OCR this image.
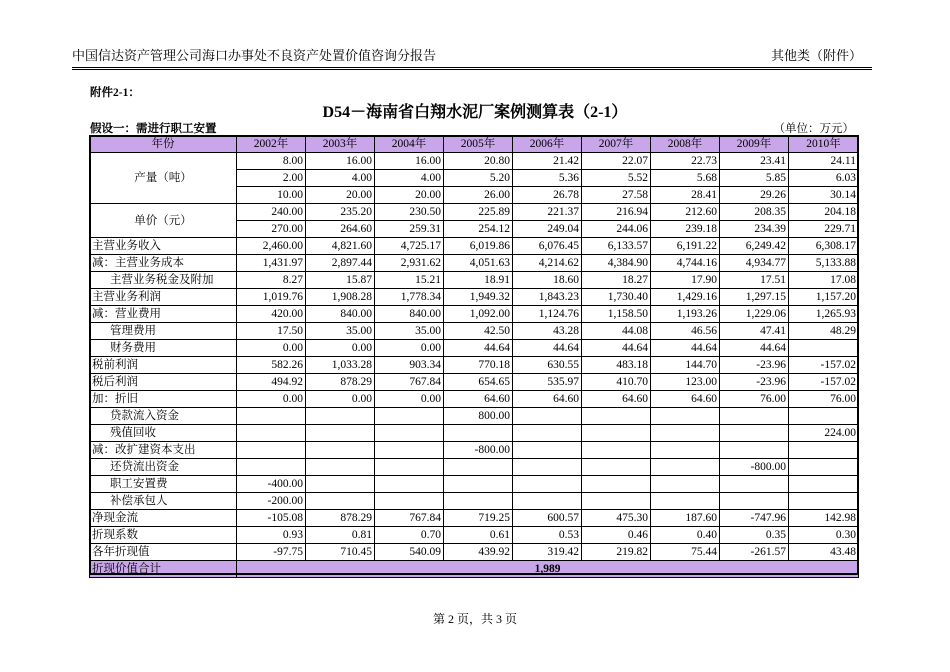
中国信达资产管理公司海口办事处不良资产处置价值咨询分报告	其他类（附件）
附件2-1：
D54－海南省白翔水泥厂案例测算表（2-1）
假设一：需进行职工安置	（单位：万元）
年份	2002年	2003年	2004年	2005年	2006年	2007年	2008年	2009年	2010年
产量（吨）	8.00	16.00	16.00	20.80	21.42	22.07	22.73	23.41	24.11
	2.00	4.00	4.00	5.20	5.36	5.52	5.68	5.85	6.03
	10.00	20.00	20.00	26.00	26.78	27.58	28.41	29.26	30.14
单价（元）	240.00	235.20	230.50	225.89	221.37	216.94	212.60	208.35	204.18
	270.00	264.60	259.31	254.12	249.04	244.06	239.18	234.39	229.71
主营业务收入	2,460.00	4,821.60	4,725.17	6,019.86	6,076.45	6,133.57	6,191.22	6,249.42	6,308.17
减：主营业务成本	1,431.97	2,897.44	2,931.62	4,051.63	4,214.62	4,384.90	4,744.16	4,934.77	5,133.88
主营业务税金及附加	8.27	15.87	15.21	18.91	18.60	18.27	17.90	17.51	17.08
主营业务利润	1,019.76	1,908.28	1,778.34	1,949.32	1,843.23	1,730.40	1,429.16	1,297.15	1,157.20
减：营业费用	420.00	840.00	840.00	1,092.00	1,124.76	1,158.50	1,193.26	1,229.06	1,265.93
管理费用	17.50	35.00	35.00	42.50	43.28	44.08	46.56	47.41	48.29
财务费用	0.00	0.00	0.00	44.64	44.64	44.64	44.64	44.64	
税前利润	582.26	1,033.28	903.34	770.18	630.55	483.18	144.70	-23.96	-157.02
税后利润	494.92	878.29	767.84	654.65	535.97	410.70	123.00	-23.96	-157.02
加：折旧	0.00	0.00	0.00	64.60	64.60	64.60	64.60	76.00	76.00
贷款流入资金				800.00					
残值回收									224.00
减：改扩建资本支出				-800.00					
还贷流出资金								-800.00	
职工安置费	-400.00								
补偿承包人	-200.00								
净现金流	-105.08	878.29	767.84	719.25	600.57	475.30	187.60	-747.96	142.98
折现系数	0.93	0.81	0.70	0.61	0.53	0.46	0.40	0.35	0.30
各年折现值	-97.75	710.45	540.09	439.92	319.42	219.82	75.44	-261.57	43.48
折现价值合计	1,989								
第 2 页，共 3 页
